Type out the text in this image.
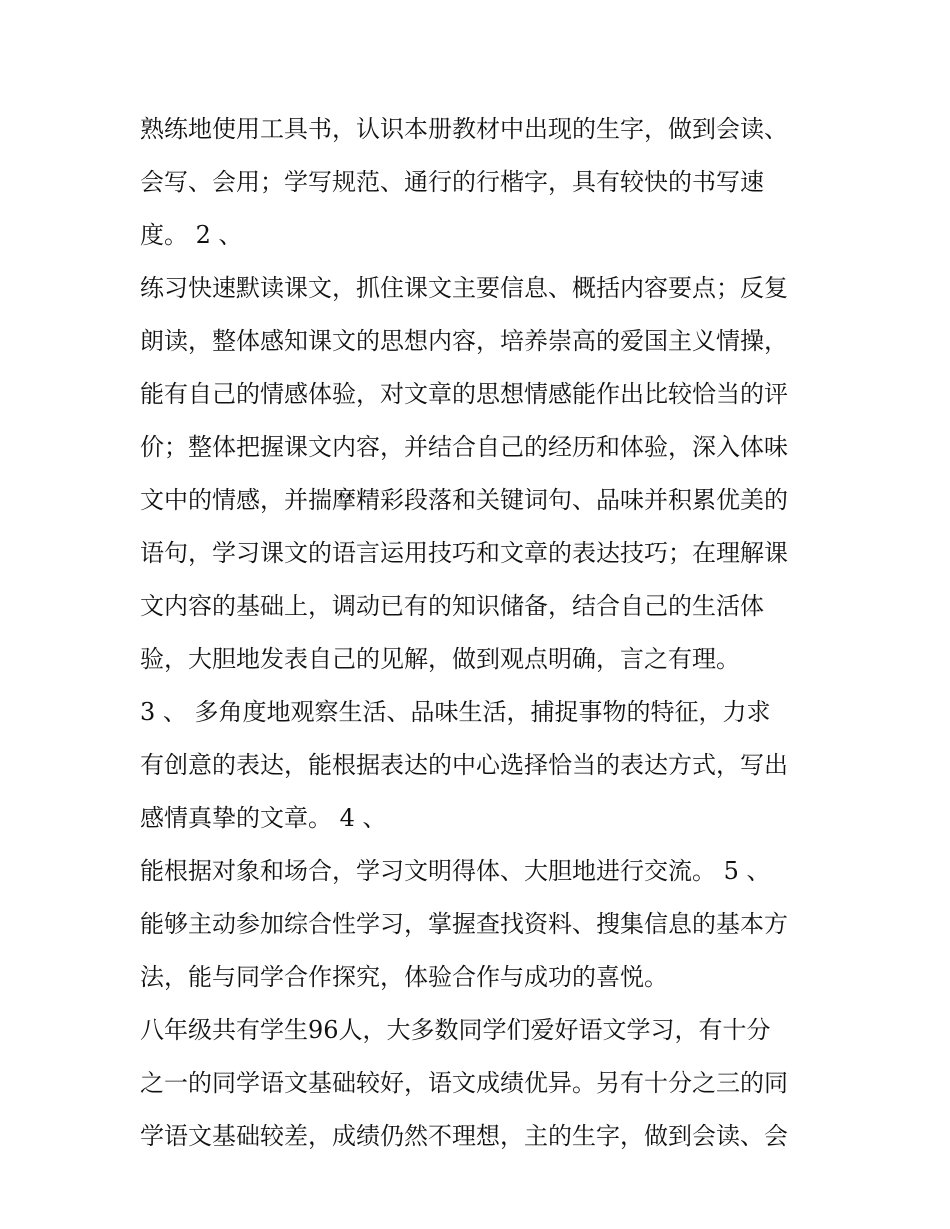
熟练地使用工具书，认识本册教材中出现的生字，做到会读、
会写、会用；学写规范、通行的行楷字，具有较快的书写速
度。 2 、
练习快速默读课文，抓住课文主要信息、概括内容要点；反复
朗读，整体感知课文的思想内容，培养崇高的爱国主义情操，
能有自己的情感体验，对文章的思想情感能作出比较恰当的评
价；整体把握课文内容，并结合自己的经历和体验，深入体味
文中的情感，并揣摩精彩段落和关键词句、品味并积累优美的
语句，学习课文的语言运用技巧和文章的表达技巧；在理解课
文内容的基础上，调动已有的知识储备，结合自己的生活体
验，大胆地发表自己的见解，做到观点明确，言之有理。
3 、 多角度地观察生活、品味生活，捕捉事物的特征，力求
有创意的表达，能根据表达的中心选择恰当的表达方式，写出
感情真挚的文章。 4 、
能根据对象和场合，学习文明得体、大胆地进行交流。 5 、
能够主动参加综合性学习，掌握查找资料、搜集信息的基本方
法，能与同学合作探究，体验合作与成功的喜悦。
八年级共有学生96人，大多数同学们爱好语文学习，有十分
之一的同学语文基础较好，语文成绩优异。另有十分之三的同
学语文基础较差，成绩仍然不理想，主的生字，做到会读、会
